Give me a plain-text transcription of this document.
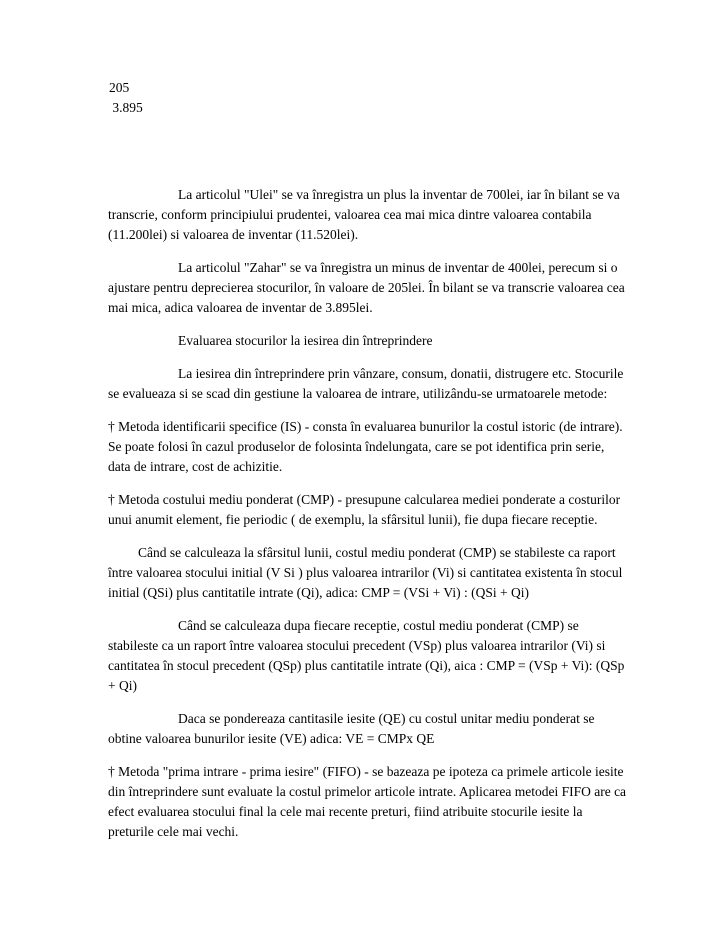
205
3.895

La articolul "Ulei" se va înregistra un plus la inventar de 700lei, iar în bilant se va transcrie, conform principiului prudentei, valoarea cea mai mica dintre valoarea contabila (11.200lei) si valoarea de inventar (11.520lei).

La articolul "Zahar" se va înregistra un minus de inventar de 400lei, perecum si o ajustare pentru deprecierea stocurilor, în valoare de 205lei. În bilant se va transcrie valoarea cea mai mica, adica valoarea de inventar de 3.895lei.

Evaluarea stocurilor la iesirea din întreprindere

La iesirea din întreprindere prin vânzare, consum, donatii, distrugere etc. Stocurile se evalueaza si se scad din gestiune la valoarea de intrare, utilizându-se urmatoarele metode:

† Metoda identificarii specifice (IS) - consta în evaluarea bunurilor la costul istoric (de intrare). Se poate folosi în cazul produselor de folosinta îndelungata, care se pot identifica prin serie, data de intrare, cost de achizitie.

† Metoda costului mediu ponderat (CMP) - presupune calcularea mediei ponderate a costurilor unui anumit element, fie periodic ( de exemplu, la sfârsitul lunii), fie dupa fiecare receptie.

Când se calculeaza la sfârsitul lunii, costul mediu ponderat (CMP) se stabileste ca raport între valoarea stocului initial (V Si ) plus valoarea intrarilor (Vi) si cantitatea existenta în stocul initial (QSi) plus cantitatile intrate (Qi), adica: CMP = (VSi + Vi) : (QSi + Qi)

Când se calculeaza dupa fiecare receptie, costul mediu ponderat (CMP) se stabileste ca un raport între valoarea stocului precedent (VSp) plus valoarea intrarilor (Vi) si cantitatea în stocul precedent (QSp) plus cantitatile intrate (Qi), aica : CMP = (VSp + Vi): (QSp + Qi)

Daca se pondereaza cantitasile iesite (QE) cu costul unitar mediu ponderat se obtine valoarea bunurilor iesite (VE) adica: VE = CMPx QE

† Metoda "prima intrare - prima iesire" (FIFO) - se bazeaza pe ipoteza ca primele articole iesite din întreprindere sunt evaluate la costul primelor articole intrate. Aplicarea metodei FIFO are ca efect evaluarea stocului final la cele mai recente preturi, fiind atribuite stocurile iesite la preturile cele mai vechi.
